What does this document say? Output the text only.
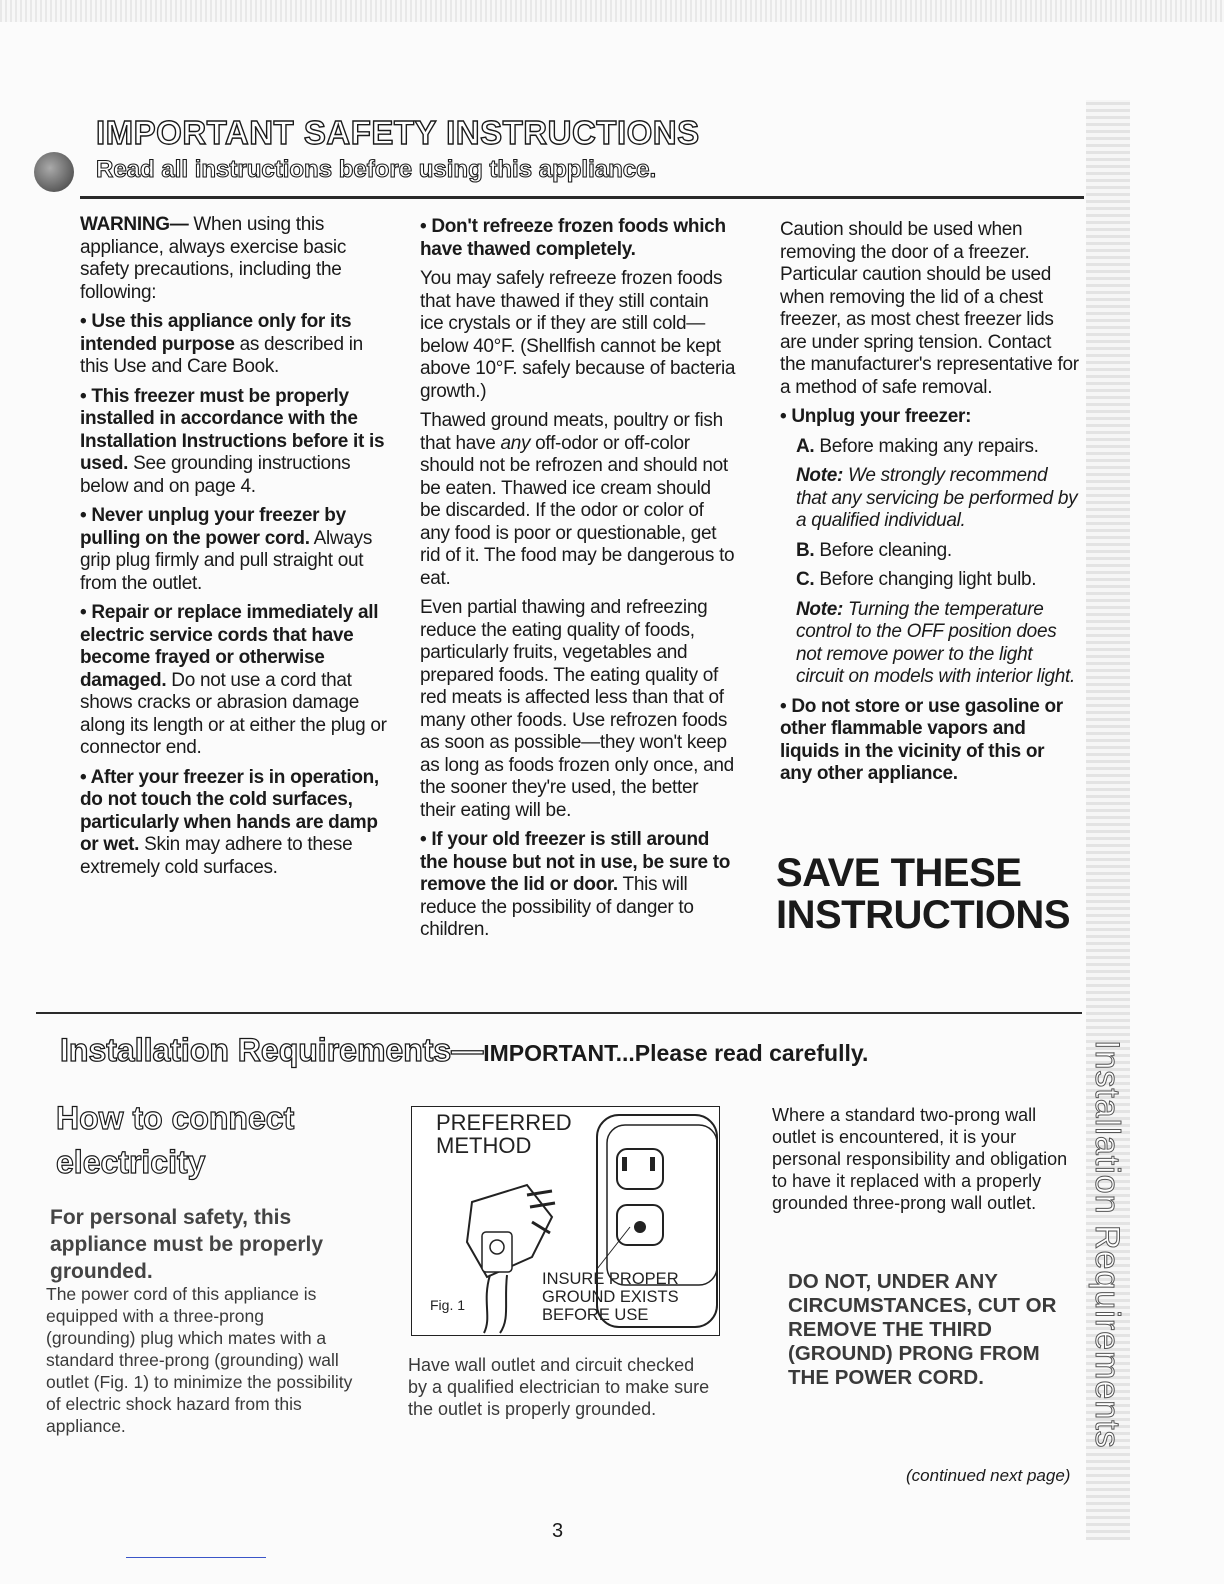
Installation Requirements
IMPORTANT SAFETY INSTRUCTIONS
Read all instructions before using this appliance.

WARNING— When using this appliance, always exercise basic safety precautions, including the following:

• Use this appliance only for its intended purpose as described in this Use and Care Book.

• This freezer must be properly installed in accordance with the Installation Instructions before it is used. See grounding instructions below and on page 4.

• Never unplug your freezer by pulling on the power cord. Always grip plug firmly and pull straight out from the outlet.

• Repair or replace immediately all electric service cords that have become frayed or otherwise damaged. Do not use a cord that shows cracks or abrasion damage along its length or at either the plug or connector end.

• After your freezer is in operation, do not touch the cold surfaces, particularly when hands are damp or wet. Skin may adhere to these extremely cold surfaces.

• Don't refreeze frozen foods which have thawed completely.

You may safely refreeze frozen foods that have thawed if they still contain ice crystals or if they are still cold—below 40°F. (Shellfish cannot be kept above 10°F. safely because of bacteria growth.)

Thawed ground meats, poultry or fish that have any off-odor or off-color should not be refrozen and should not be eaten. Thawed ice cream should be discarded. If the odor or color of any food is poor or questionable, get rid of it. The food may be dangerous to eat.

Even partial thawing and refreezing reduce the eating quality of foods, particularly fruits, vegetables and prepared foods. The eating quality of red meats is affected less than that of many other foods. Use refrozen foods as soon as possible—they won't keep as long as foods frozen only once, and the sooner they're used, the better their eating will be.

• If your old freezer is still around the house but not in use, be sure to remove the lid or door. This will reduce the possibility of danger to children.

Caution should be used when removing the door of a freezer. Particular caution should be used when removing the lid of a chest freezer, as most chest freezer lids are under spring tension. Contact the manufacturer's representative for a method of safe removal.

• Unplug your freezer:

A. Before making any repairs.

Note: We strongly recommend that any servicing be performed by a qualified individual.

B. Before cleaning.

C. Before changing light bulb.

Note: Turning the temperature control to the OFF position does not remove power to the light circuit on models with interior light.

• Do not store or use gasoline or other flammable vapors and liquids in the vicinity of this or any other appliance.

SAVE THESE
INSTRUCTIONS
Installation Requirements—IMPORTANT...Please read carefully.
How to connect
electricity

For personal safety, this appliance must be properly grounded.

The power cord of this appliance is equipped with a three-prong (grounding) plug which mates with a standard three-prong (grounding) wall outlet (Fig. 1) to minimize the possibility of electric shock hazard from this appliance.

PREFERRED METHOD
Fig. 1
INSURE PROPER GROUND EXISTS BEFORE USE

Have wall outlet and circuit checked by a qualified electrician to make sure the outlet is properly grounded.

Where a standard two-prong wall outlet is encountered, it is your personal responsibility and obligation to have it replaced with a properly grounded three-prong wall outlet.

DO NOT, UNDER ANY CIRCUMSTANCES, CUT OR REMOVE THE THIRD (GROUND) PRONG FROM THE POWER CORD.

(continued next page)
3
